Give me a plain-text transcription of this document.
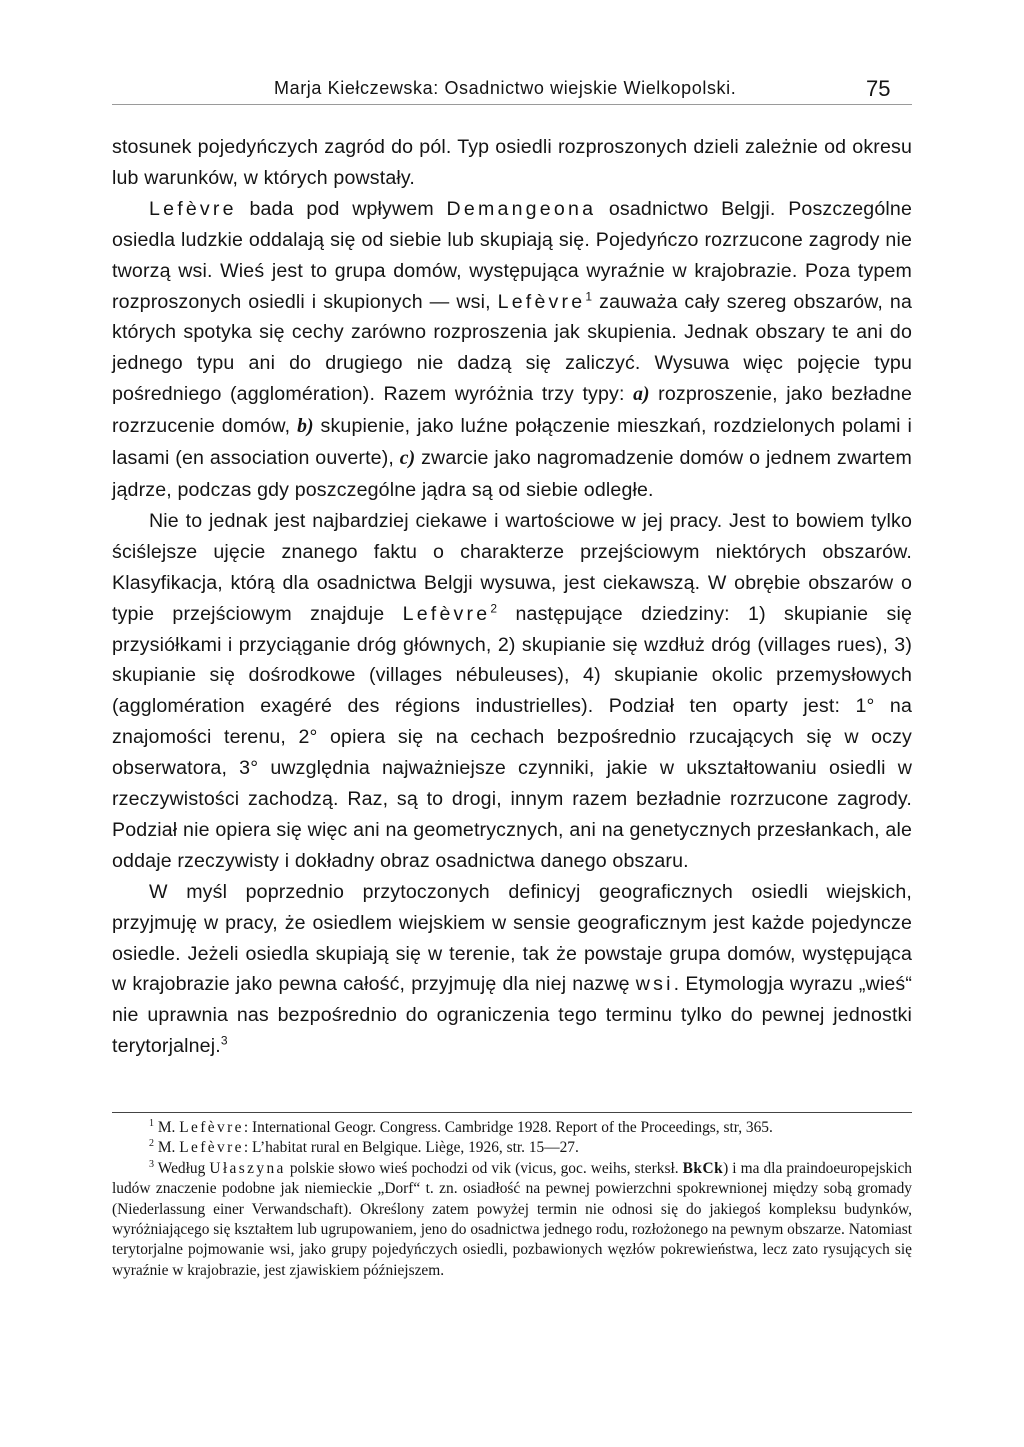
Marja Kiełczewska: Osadnictwo wiejskie Wielkopolski.	75

stosunek pojedyńczych zagród do pól. Typ osiedli rozproszonych dzieli zależnie od okresu lub warunków, w których powstały.

Lefèvre bada pod wpływem Demangeona osadnictwo Belgji. Poszczególne osiedla ludzkie oddalają się od siebie lub skupiają się. Pojedyńczo rozrzucone zagrody nie tworzą wsi. Wieś jest to grupa domów, występująca wyraźnie w krajobrazie. Poza typem rozproszonych osiedli i skupionych — wsi, Lefèvre$^1$ zauważa cały szereg obszarów, na których spotyka się cechy zarówno rozproszenia jak skupienia. Jednak obszary te ani do jednego typu ani do drugiego nie dadzą się zaliczyć. Wysuwa więc pojęcie typu pośredniego (agglomération). Razem wyróżnia trzy typy: a) rozproszenie, jako bezładne rozrzucenie domów, b) skupienie, jako luźne połączenie mieszkań, rozdzielonych polami i lasami (en association ouverte), c) zwarcie jako nagromadzenie domów o jednem zwartem jądrze, podczas gdy poszczególne jądra są od siebie odległe.

Nie to jednak jest najbardziej ciekawe i wartościowe w jej pracy. Jest to bowiem tylko ściślejsze ujęcie znanego faktu o charakterze przejściowym niektórych obszarów. Klasyfikacja, którą dla osadnictwa Belgji wysuwa, jest ciekawszą. W obrębie obszarów o typie przejściowym znajduje Lefèvre$^2$ następujące dziedziny: 1) skupianie się przysiółkami i przyciąganie dróg głównych, 2) skupianie się wzdłuż dróg (villages rues), 3) skupianie się dośrodkowe (villages nébuleuses), 4) skupianie okolic przemysłowych (agglomération exagéré des régions industrielles). Podział ten oparty jest: 1° na znajomości terenu, 2° opiera się na cechach bezpośrednio rzucających się w oczy obserwatora, 3° uwzględnia najważniejsze czynniki, jakie w ukształtowaniu osiedli w rzeczywistości zachodzą. Raz, są to drogi, innym razem bezładnie rozrzucone zagrody. Podział nie opiera się więc ani na geometrycznych, ani na genetycznych przesłankach, ale oddaje rzeczywisty i dokładny obraz osadnictwa danego obszaru.

W myśl poprzednio przytoczonych definicyj geograficznych osiedli wiejskich, przyjmuję w pracy, że osiedlem wiejskiem w sensie geograficznym jest każde pojedyncze osiedle. Jeżeli osiedla skupiają się w terenie, tak że powstaje grupa domów, występująca w krajobrazie jako pewna całość, przyjmuję dla niej nazwę wsi. Etymologja wyrazu „wieś“ nie uprawnia nas bezpośrednio do ograniczenia tego terminu tylko do pewnej jednostki terytorjalnej.$^3$

$^1$ M. Lefèvre: International Geogr. Congress. Cambridge 1928. Report of the Proceedings, str, 365.

$^2$ M. Lefèvre: L’habitat rural en Belgique. Liège, 1926, str. 15—27.

$^3$ Według Ułaszyna polskie słowo wieś pochodzi od vik (vicus, goc. weihs, sterksł. BkCk) i ma dla praindoeuropejskich ludów znaczenie podobne jak niemieckie „Dorf“ t. zn. osiadłość na pewnej powierzchni spokrewnionej między sobą gromady (Niederlassung einer Verwandschaft). Określony zatem powyżej termin nie odnosi się do jakiegoś kompleksu budynków, wyróżniającego się kształtem lub ugrupowaniem, jeno do osadnictwa jednego rodu, rozłożonego na pewnym obszarze. Natomiast terytorjalne pojmowanie wsi, jako grupy pojedyńczych osiedli, pozbawionych węzłów pokrewieństwa, lecz zato rysujących się wyraźnie w krajobrazie, jest zjawiskiem późniejszem.
